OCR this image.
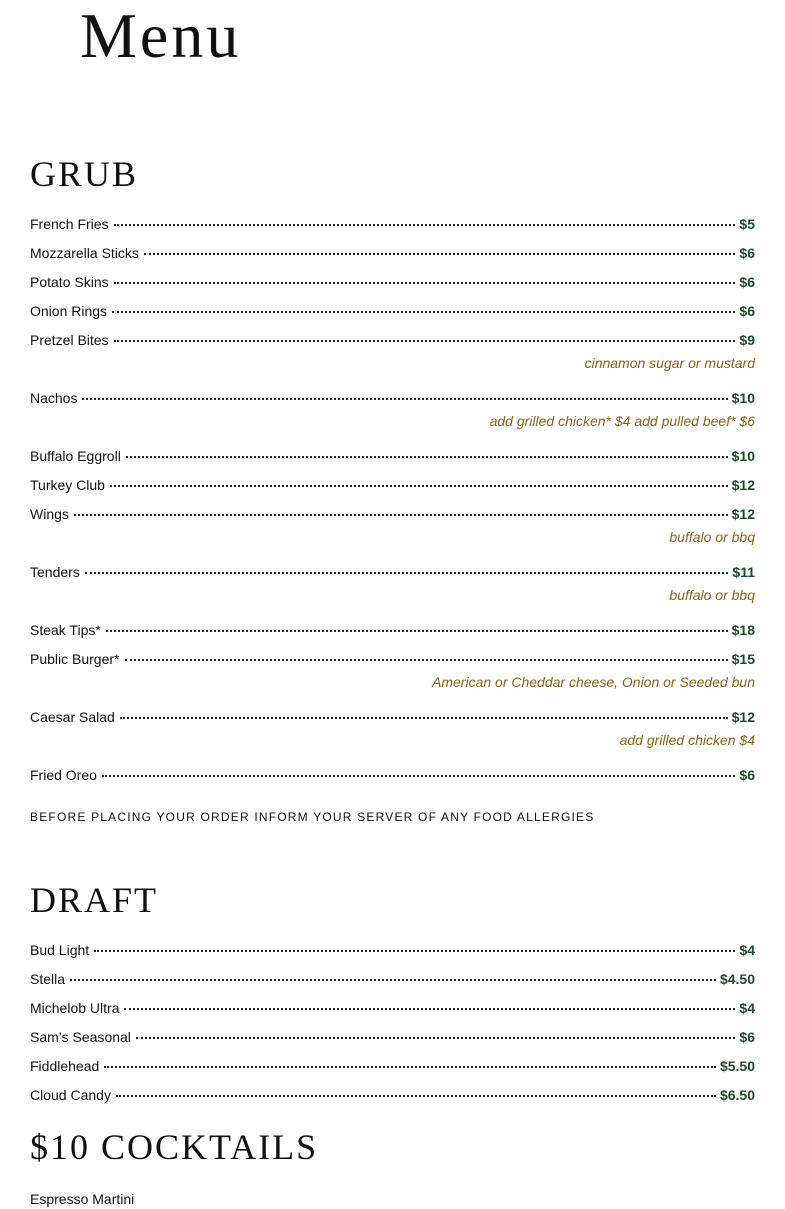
Menu
GRUB
French Fries	$5
Mozzarella Sticks	$6
Potato Skins	$6
Onion Rings	$6
Pretzel Bites	$9
cinnamon sugar or mustard
Nachos	$10
add grilled chicken* $4 add pulled beef* $6
Buffalo Eggroll	$10
Turkey Club	$12
Wings	$12
buffalo or bbq
Tenders	$11
buffalo or bbq
Steak Tips*	$18
Public Burger*	$15
American or Cheddar cheese, Onion or Seeded bun
Caesar Salad	$12
add grilled chicken $4
Fried Oreo	$6
BEFORE PLACING YOUR ORDER INFORM YOUR SERVER OF ANY FOOD ALLERGIES
DRAFT
Bud Light	$4
Stella	$4.50
Michelob Ultra	$4
Sam’s Seasonal	$6
Fiddlehead	$5.50
Cloud Candy	$6.50
$10 COCKTAILS
Espresso Martini
